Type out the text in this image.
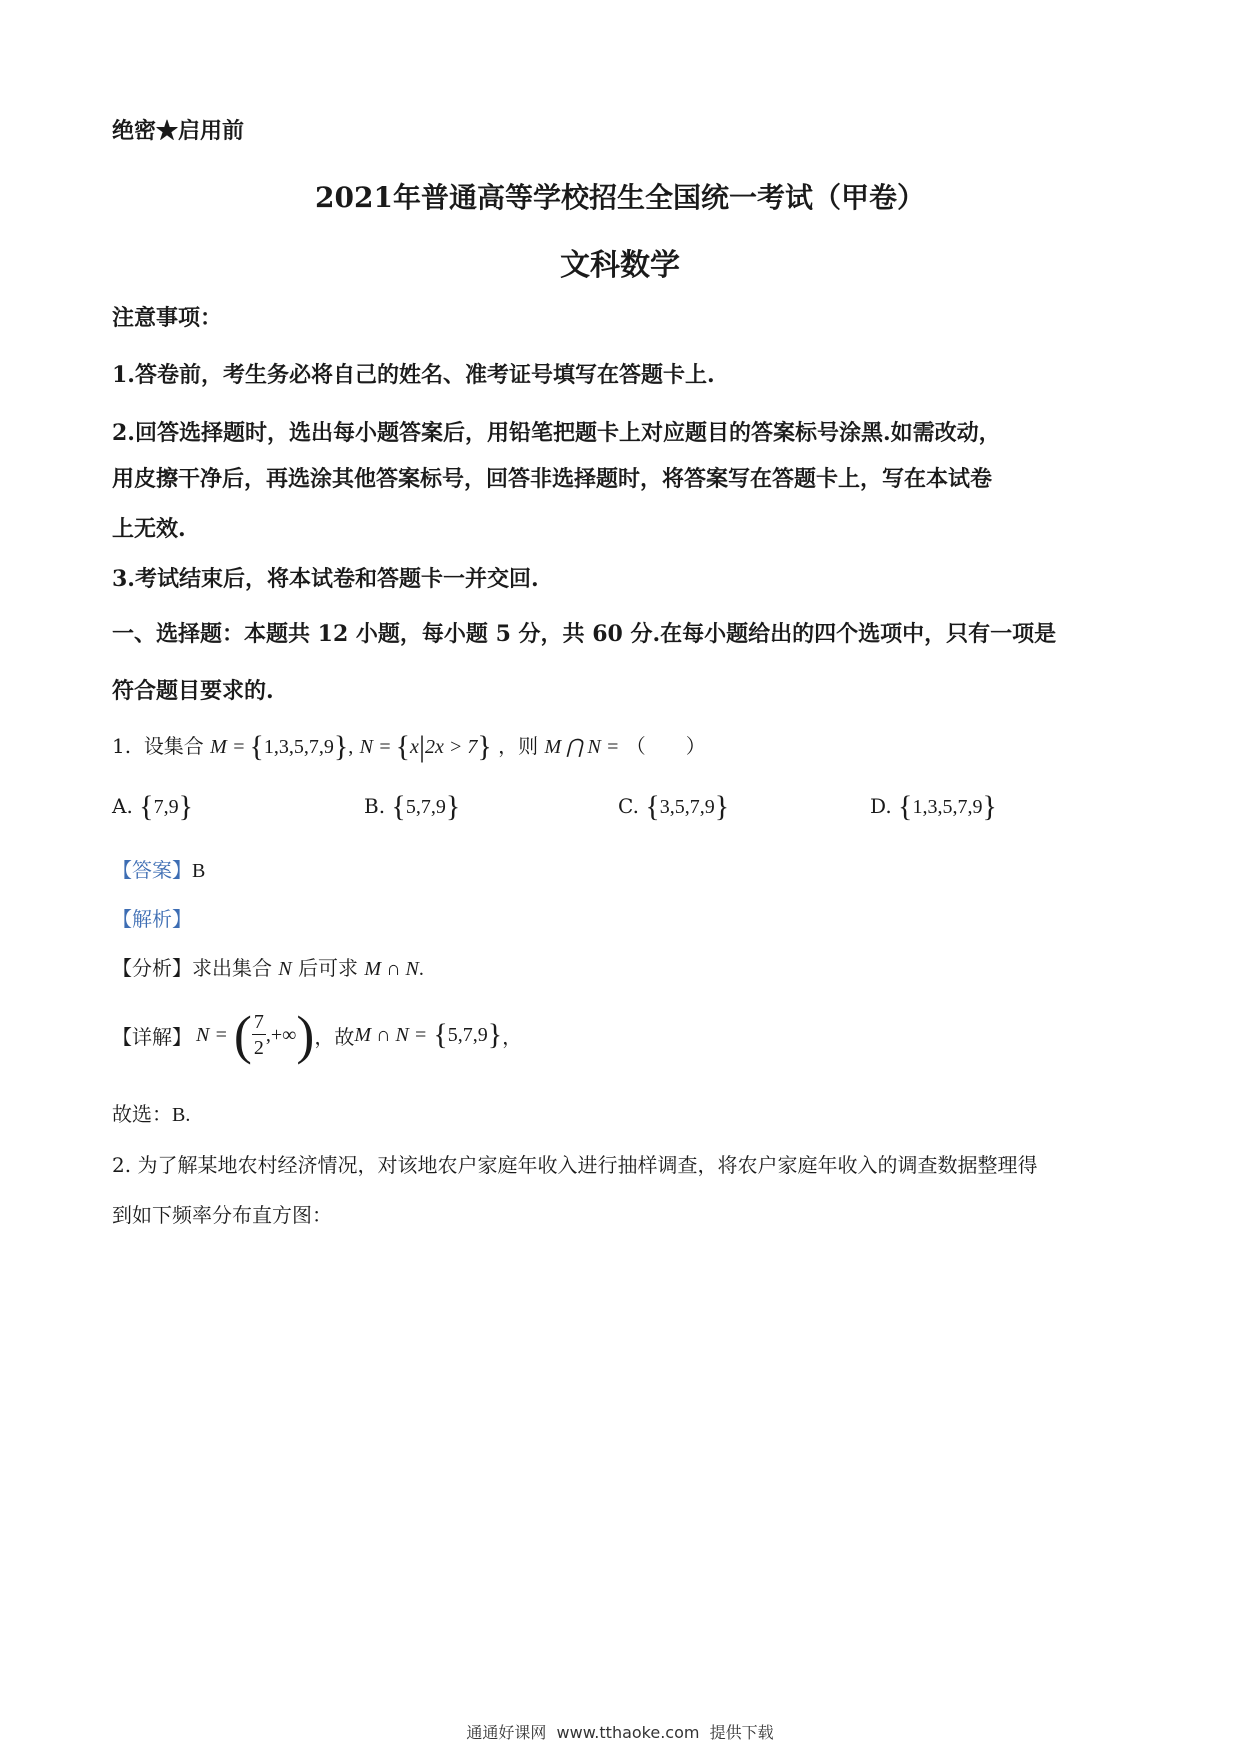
绝密★启用前
2021年普通高等学校招生全国统一考试（甲卷）
文科数学
注意事项：
1.答卷前，考生务必将自己的姓名、准考证号填写在答题卡上.
2.回答选择题时，选出每小题答案后，用铅笔把题卡上对应题目的答案标号涂黑.如需改动，
用皮擦干净后，再选涂其他答案标号，回答非选择题时，将答案写在答题卡上，写在本试卷
上无效.
3.考试结束后，将本试卷和答题卡一并交回.
一、选择题：本题共 12 小题，每小题 5 分，共 60 分.在每小题给出的四个选项中，只有一项是
符合题目要求的.
1. 设集合 M = {1,3,5,7,9}, N = {x|2x > 7} ，则 M ⋂ N = （　　）
A. {7,9}	B. {5,7,9}	C. {3,5,7,9}	D. {1,3,5,7,9}
【答案】B
【解析】
【分析】求出集合 N 后可求 M ∩ N.
【详解】 N = ( $\frac{7}{2}$ ,+∞ ) ，故 M ∩ N = { 5,7,9 } ，
故选：B.
2. 为了解某地农村经济情况，对该地农户家庭年收入进行抽样调查，将农户家庭年收入的调查数据整理得
到如下频率分布直方图：
通通好课网 www.tthaoke.com 提供下载
